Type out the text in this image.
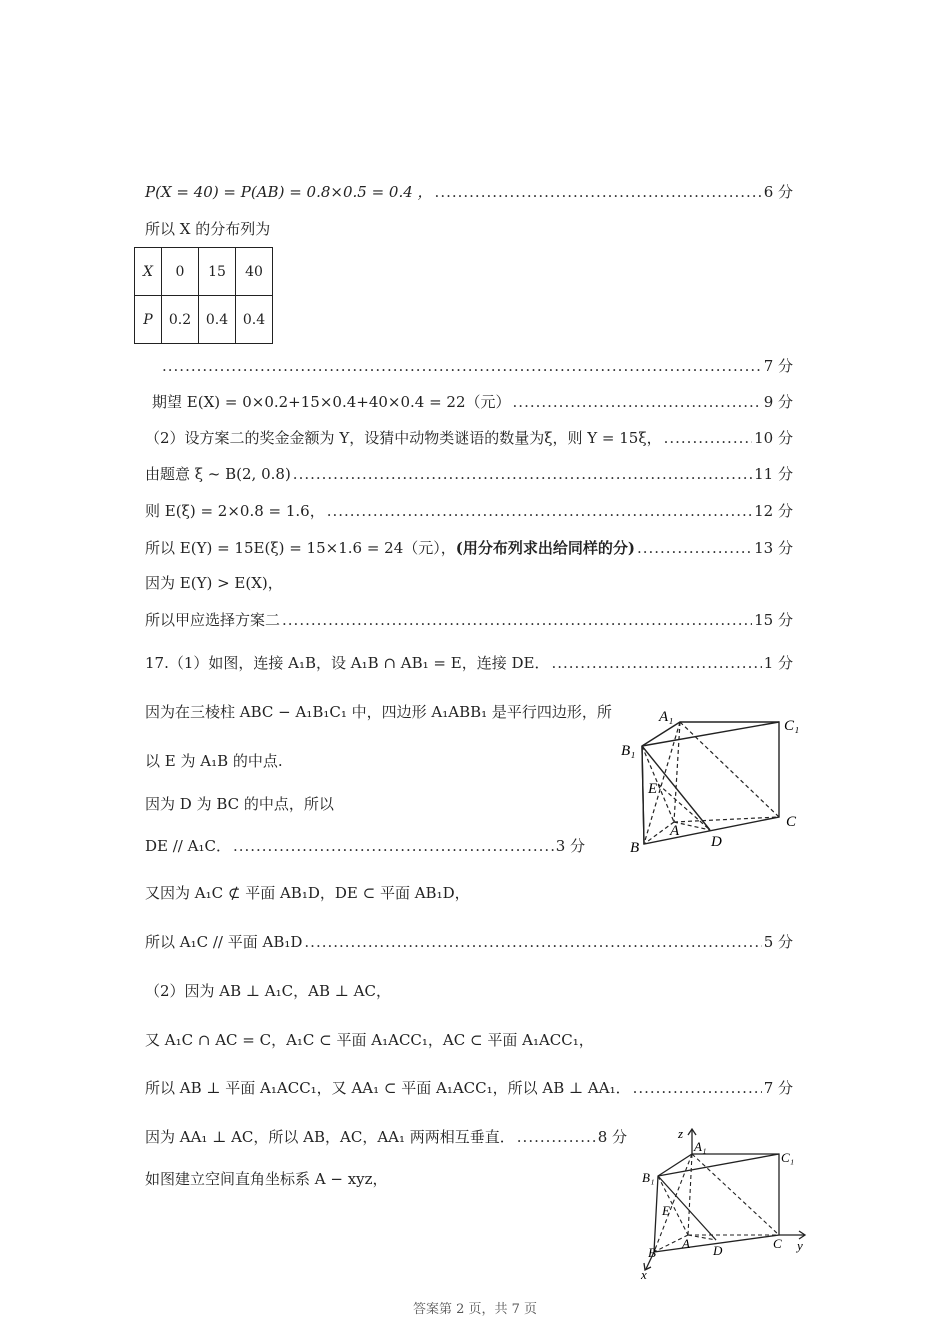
P(X = 40) = P(AB) = 0.8×0.5 = 0.4 ， .....	6 分
所以 X 的分布列为
X	0	15	40
P	0.2	0.4	0.4
.....
7 分
期望 E(X) = 0×0.2+15×0.4+40×0.4 = 22（元） .....	9 分
（2）设方案二的奖金金额为 Y，设猜中动物类谜语的数量为ξ，则 Y = 15ξ， .....	10 分
由题意 ξ ~ B(2, 0.8) .....	11 分
则 E(ξ) = 2×0.8 = 1.6， .....	12 分
所以 E(Y) = 15E(ξ) = 15×1.6 = 24（元）， (用分布列求出给同样的分) .....	13 分
因为 E(Y) > E(X)，
所以甲应选择方案二 .....	15 分
17.（1）如图，连接 A₁B，设 A₁B ∩ AB₁ = E，连接 DE． .....	1 分
因为在三棱柱 ABC − A₁B₁C₁ 中，四边形 A₁ABB₁ 是平行四边形，所
以 E 为 A₁B 的中点.
因为 D 为 BC 的中点，所以
DE // A₁C． .....	3 分
又因为 A₁C ⊄ 平面 AB₁D，DE ⊂ 平面 AB₁D，
所以 A₁C // 平面 AB₁D .....	5 分
（2）因为 AB ⊥ A₁C，AB ⊥ AC，
又 A₁C ∩ AC = C，A₁C ⊂ 平面 A₁ACC₁，AC ⊂ 平面 A₁ACC₁，
所以 AB ⊥ 平面 A₁ACC₁，又 AA₁ ⊂ 平面 A₁ACC₁，所以 AB ⊥ AA₁． .....	7 分
因为 AA₁ ⊥ AC，所以 AB，AC，AA₁ 两两相互垂直． .....	8 分
如图建立空间直角坐标系 A − xyz，
A₁
C₁
B₁
E
A
C
B	D
z
A₁
C₁
B₁
E
A	C y
B	D
x
答案第 2 页，共 7 页
